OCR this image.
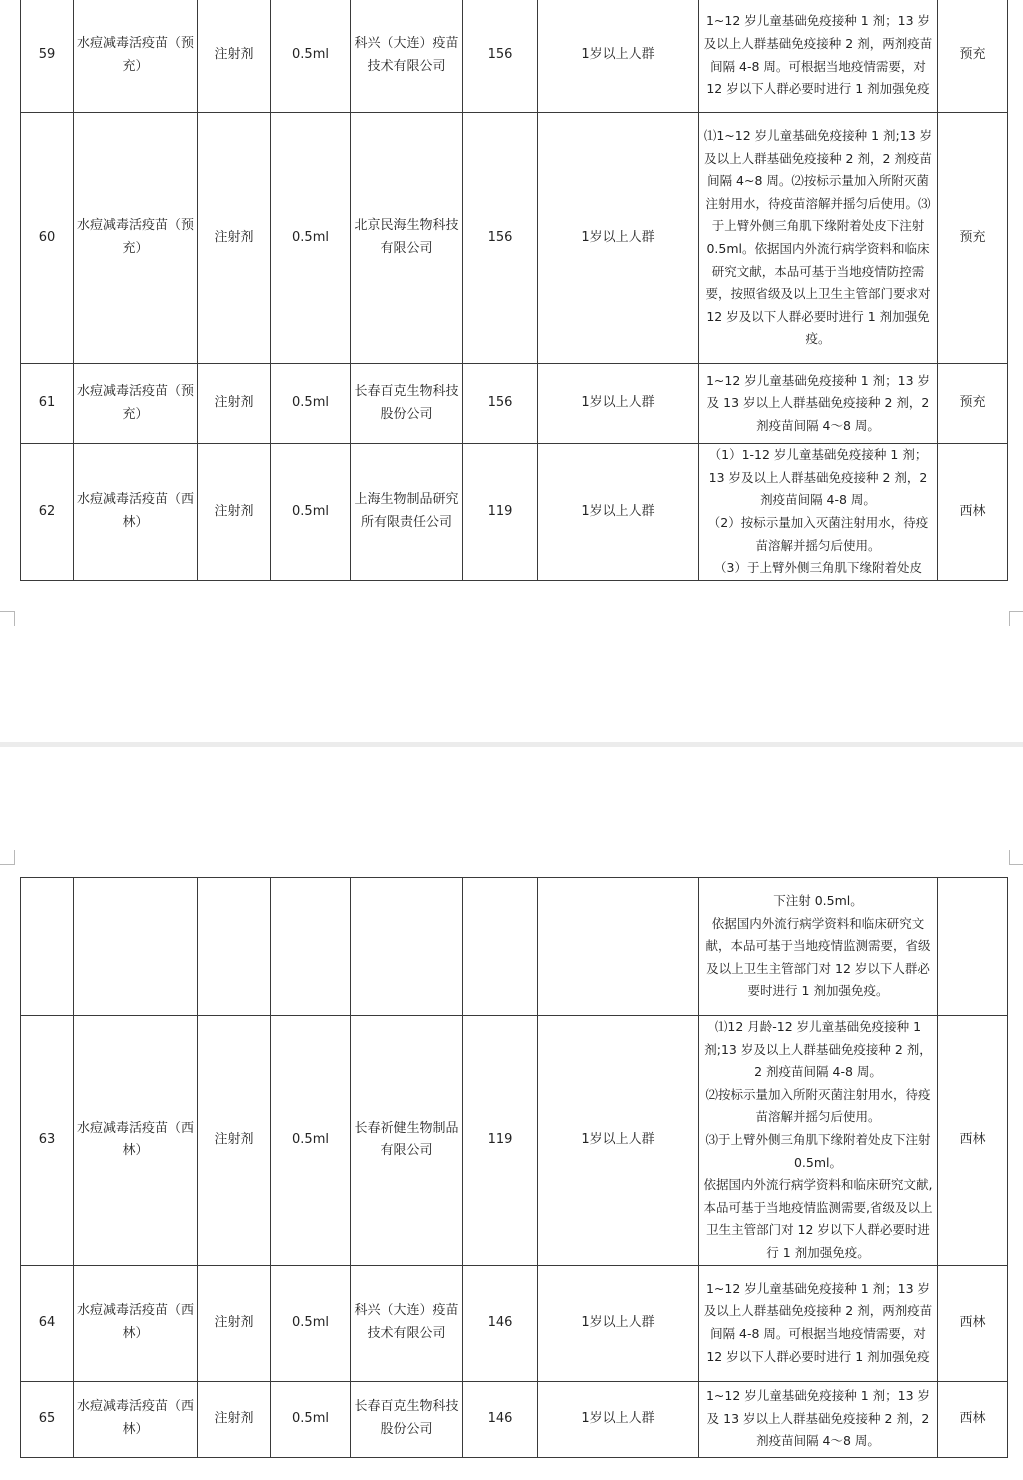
59	水痘减毒活疫苗（预充）	注射剂	0.5ml	科兴（大连）疫苗技术有限公司	156	1岁以上人群	1~12 岁儿童基础免疫接种 1 剂；13 岁及以上人群基础免疫接种 2 剂，两剂疫苗间隔 4-8 周。可根据当地疫情需要，对 12 岁以下人群必要时进行 1 剂加强免疫	预充
60	水痘减毒活疫苗（预充）	注射剂	0.5ml	北京民海生物科技有限公司	156	1岁以上人群	⑴1~12 岁儿童基础免疫接种 1 剂;13 岁及以上人群基础免疫接种 2 剂，2 剂疫苗间隔 4~8 周。⑵按标示量加入所附灭菌注射用水，待疫苗溶解并摇匀后使用。⑶于上臂外侧三角肌下缘附着处皮下注射 0.5ml。依据国内外流行病学资料和临床研究文献，本品可基于当地疫情防控需要，按照省级及以上卫生主管部门要求对 12 岁及以下人群必要时进行 1 剂加强免疫。	预充
61	水痘减毒活疫苗（预充）	注射剂	0.5ml	长春百克生物科技股份公司	156	1岁以上人群	1~12 岁儿童基础免疫接种 1 剂；13 岁及 13 岁以上人群基础免疫接种 2 剂，2 剂疫苗间隔 4～8 周。	预充
62	水痘减毒活疫苗（西林）	注射剂	0.5ml	上海生物制品研究所有限责任公司	119	1岁以上人群	（1）1-12 岁儿童基础免疫接种 1 剂；13 岁及以上人群基础免疫接种 2 剂，2 剂疫苗间隔 4-8 周。
（2）按标示量加入灭菌注射用水，待疫苗溶解并摇匀后使用。
（3）于上臂外侧三角肌下缘附着处皮	西林

							下注射 0.5ml。
依据国内外流行病学资料和临床研究文献，本品可基于当地疫情监测需要，省级及以上卫生主管部门对 12 岁以下人群必要时进行 1 剂加强免疫。	

63	水痘减毒活疫苗（西林）	注射剂	0.5ml	长春祈健生物制品有限公司	119	1岁以上人群	⑴12 月龄-12 岁儿童基础免疫接种 1 剂;13 岁及以上人群基础免疫接种 2 剂，2 剂疫苗间隔 4-8 周。
⑵按标示量加入所附灭菌注射用水，待疫苗溶解并摇匀后使用。
⑶于上臂外侧三角肌下缘附着处皮下注射 0.5ml。
依据国内外流行病学资料和临床研究文献,本品可基于当地疫情监测需要,省级及以上卫生主管部门对 12 岁以下人群必要时进行 1 剂加强免疫。	西林
64	水痘减毒活疫苗（西林）	注射剂	0.5ml	科兴（大连）疫苗技术有限公司	146	1岁以上人群	1~12 岁儿童基础免疫接种 1 剂；13 岁及以上人群基础免疫接种 2 剂，两剂疫苗间隔 4-8 周。可根据当地疫情需要，对 12 岁以下人群必要时进行 1 剂加强免疫	西林
65	水痘减毒活疫苗（西林）	注射剂	0.5ml	长春百克生物科技股份公司	146	1岁以上人群	1~12 岁儿童基础免疫接种 1 剂；13 岁及 13 岁以上人群基础免疫接种 2 剂，2 剂疫苗间隔 4～8 周。	西林
